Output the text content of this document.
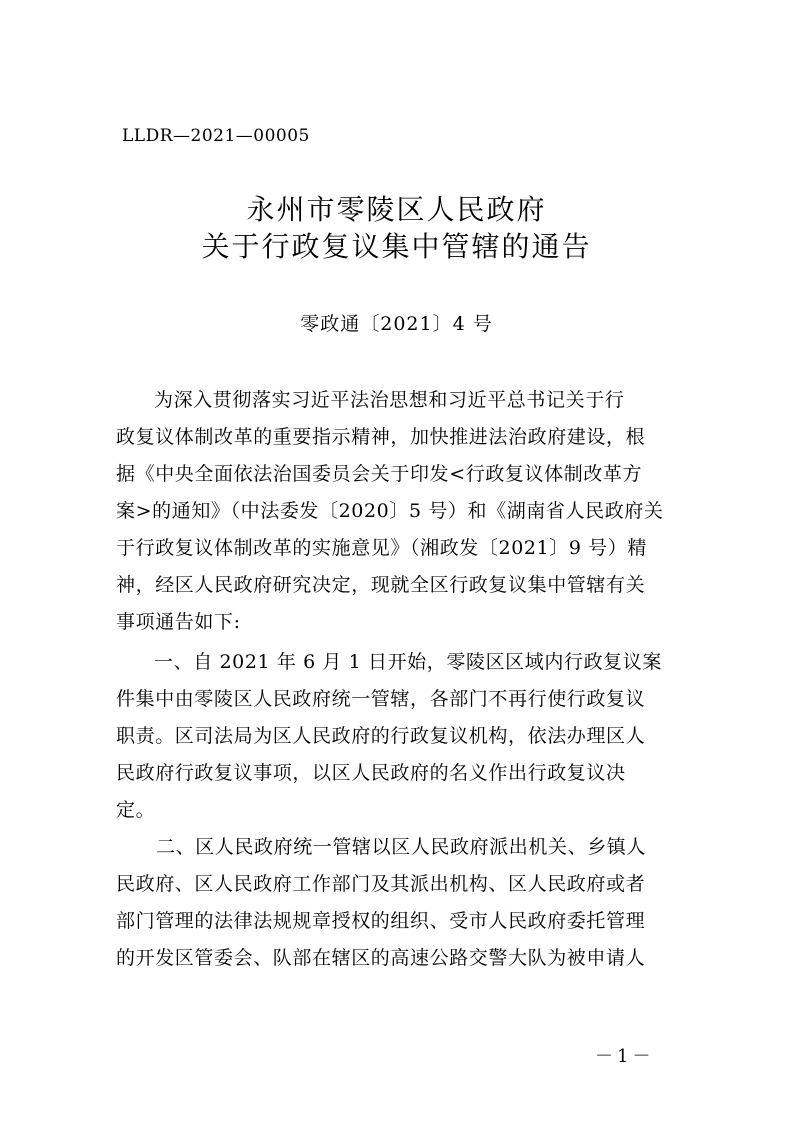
LLDR—2021—00005
永州市零陵区人民政府
关于行政复议集中管辖的通告
零政通〔2021〕4 号
为深入贯彻落实习近平法治思想和习近平总书记关于行
政复议体制改革的重要指示精神，加快推进法治政府建设，根
据《中央全面依法治国委员会关于印发<行政复议体制改革方
案>的通知》（中法委发〔2020〕5 号）和《湖南省人民政府关
于行政复议体制改革的实施意见》（湘政发〔2021〕9 号）精
神，经区人民政府研究决定，现就全区行政复议集中管辖有关
事项通告如下:
一、自 2021 年 6 月 1 日开始，零陵区区域内行政复议案
件集中由零陵区人民政府统一管辖，各部门不再行使行政复议
职责。区司法局为区人民政府的行政复议机构，依法办理区人
民政府行政复议事项，以区人民政府的名义作出行政复议决
定。
二、区人民政府统一管辖以区人民政府派出机关、乡镇人
民政府、区人民政府工作部门及其派出机构、区人民政府或者
部门管理的法律法规规章授权的组织、受市人民政府委托管理
的开发区管委会、队部在辖区的高速公路交警大队为被申请人
－1－
